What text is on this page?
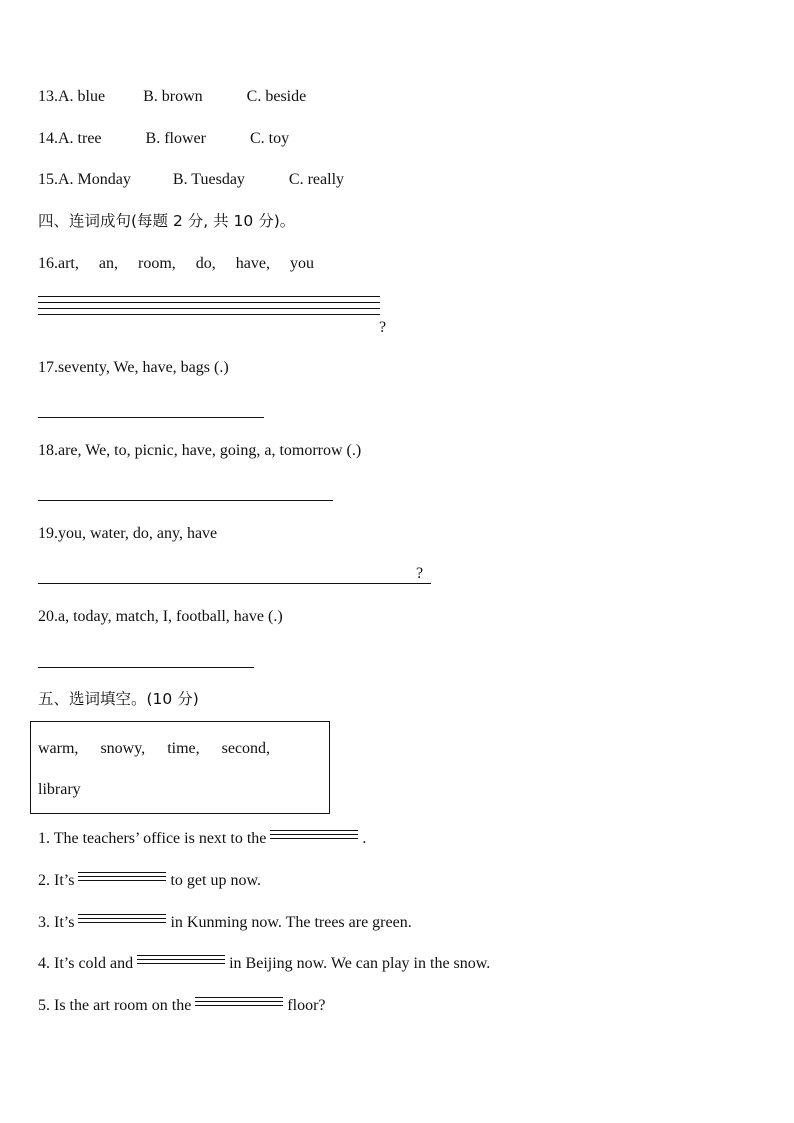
13.A. blue B. brown	C. beside
14.A. tree	B. flower	C. toy
15.A. Monday	B. Tuesday	C. really
四、连词成句(每题 2 分, 共 10 分)。
16.art, an, room, do, have, you
?
17.seventy, We, have, bags (.)
18.are, We, to, picnic, have, going, a, tomorrow (.)
19.you, water, do, any, have
?
20.a, today, match, I, football, have (.)
五、选词填空。(10 分)
warm, snowy, time, second,
library
1. The teachers’ office is next to the	.
2. It’s	to get up now.
3. It’s	in Kunming now. The trees are green.
4. It’s cold and	in Beijing now. We can play in the snow.
5. Is the art room on the	floor?
